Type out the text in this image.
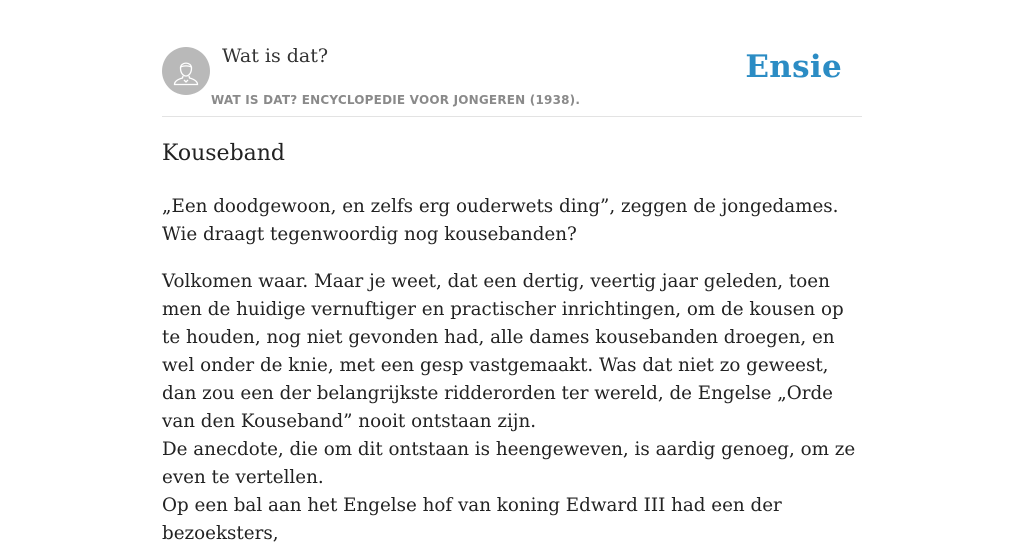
Wat is dat?
WAT IS DAT? ENCYCLOPEDIE VOOR JONGEREN (1938).
Ensie
Kouseband

„Een doodgewoon, en zelfs erg ouderwets ding”, zeggen de jongedames. Wie draagt tegenwoordig nog kousebanden?

Volkomen waar. Maar je weet, dat een dertig, veertig jaar geleden, toen men de huidige vernuftiger en practischer inrichtingen, om de kousen op te houden, nog niet gevonden had, alle dames kousebanden droegen, en wel onder de knie, met een gesp vastgemaakt. Was dat niet zo geweest, dan zou een der belangrijkste ridderorden ter wereld, de Engelse „Orde van den Kouseband” nooit ontstaan zijn.

De anecdote, die om dit ontstaan is heengeweven, is aardig genoeg, om ze even te vertellen.

Op een bal aan het Engelse hof van koning Edward III had een der bezoeksters,
